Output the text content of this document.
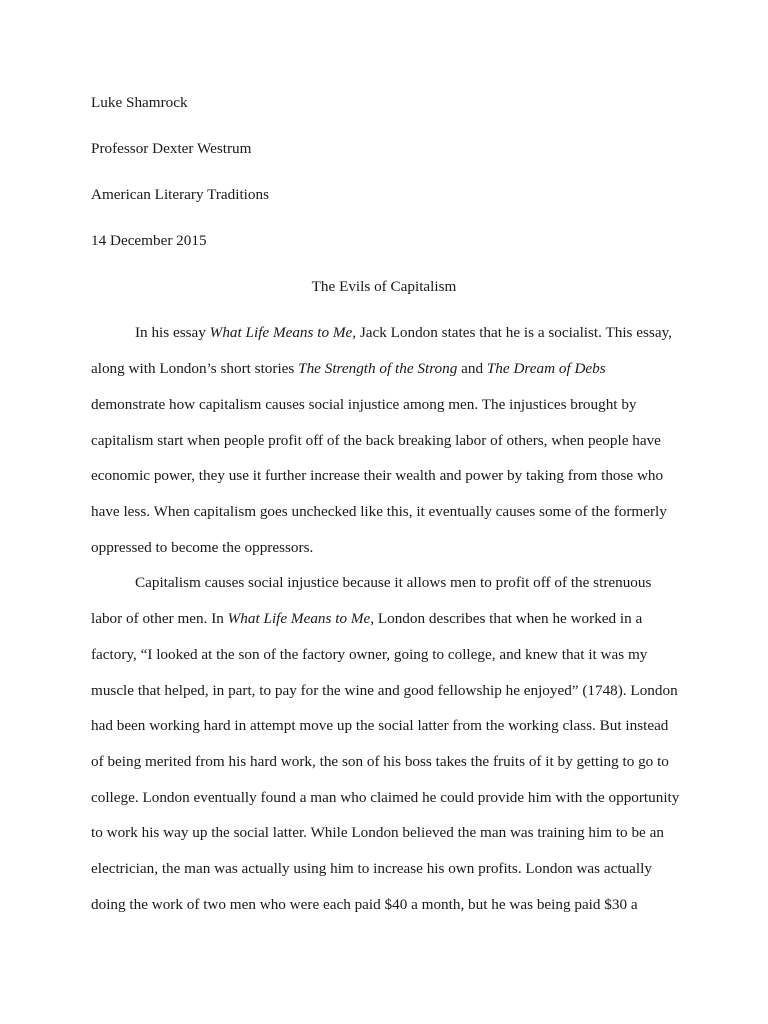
Luke Shamrock
Professor Dexter Westrum
American Literary Traditions
14 December 2015
The Evils of Capitalism
In his essay What Life Means to Me, Jack London states that he is a socialist. This essay,
along with London’s short stories The Strength of the Strong and The Dream of Debs
demonstrate how capitalism causes social injustice among men. The injustices brought by
capitalism start when people profit off of the back breaking labor of others, when people have
economic power, they use it further increase their wealth and power by taking from those who
have less. When capitalism goes unchecked like this, it eventually causes some of the formerly
oppressed to become the oppressors.
Capitalism causes social injustice because it allows men to profit off of the strenuous
labor of other men. In What Life Means to Me, London describes that when he worked in a
factory, “I looked at the son of the factory owner, going to college, and knew that it was my
muscle that helped, in part, to pay for the wine and good fellowship he enjoyed” (1748). London
had been working hard in attempt move up the social latter from the working class. But instead
of being merited from his hard work, the son of his boss takes the fruits of it by getting to go to
college. London eventually found a man who claimed he could provide him with the opportunity
to work his way up the social latter. While London believed the man was training him to be an
electrician, the man was actually using him to increase his own profits. London was actually
doing the work of two men who were each paid $40 a month, but he was being paid $30 a
